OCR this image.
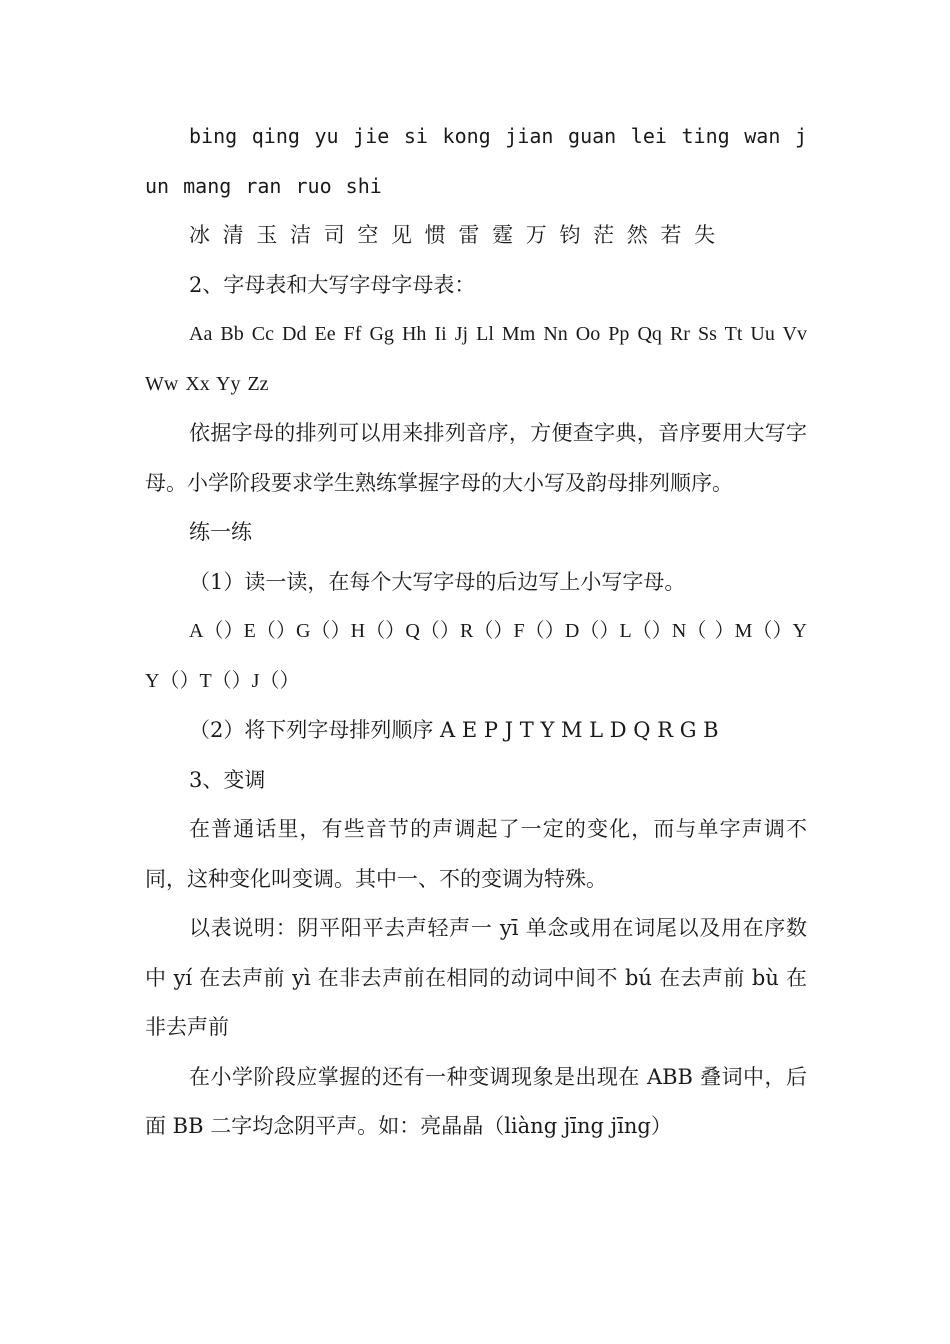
bing qing yu jie si kong jian guan lei ting wan jun mang ran ruo shi

冰 清 玉 洁 司 空 见 惯 雷 霆 万 钧 茫 然 若 失

2、字母表和大写字母字母表：

Aa Bb Cc Dd Ee Ff Gg Hh Ii Jj Ll Mm Nn Oo Pp Qq Rr Ss Tt Uu Vv Ww Xx Yy Zz

依据字母的排列可以用来排列音序，方便查字典，音序要用大写字母。小学阶段要求学生熟练掌握字母的大小写及韵母排列顺序。

练一练

（1）读一读，在每个大写字母的后边写上小写字母。

A（）E（）G（）H（）Q（）R（）F（）D（）L（）N（ ）M（）YY（）T（）J（）

（2）将下列字母排列顺序 A E P J T Y M L D Q R G B

3、变调

在普通话里，有些音节的声调起了一定的变化，而与单字声调不同，这种变化叫变调。其中一、不的变调为特殊。

以表说明：阴平阳平去声轻声一 yī 单念或用在词尾以及用在序数中 yí 在去声前 yì 在非去声前在相同的动词中间不 bú 在去声前 bù 在非去声前

在小学阶段应掌握的还有一种变调现象是出现在 ABB 叠词中，后面 BB 二字均念阴平声。如：亮晶晶（liàng jīng jīng）
